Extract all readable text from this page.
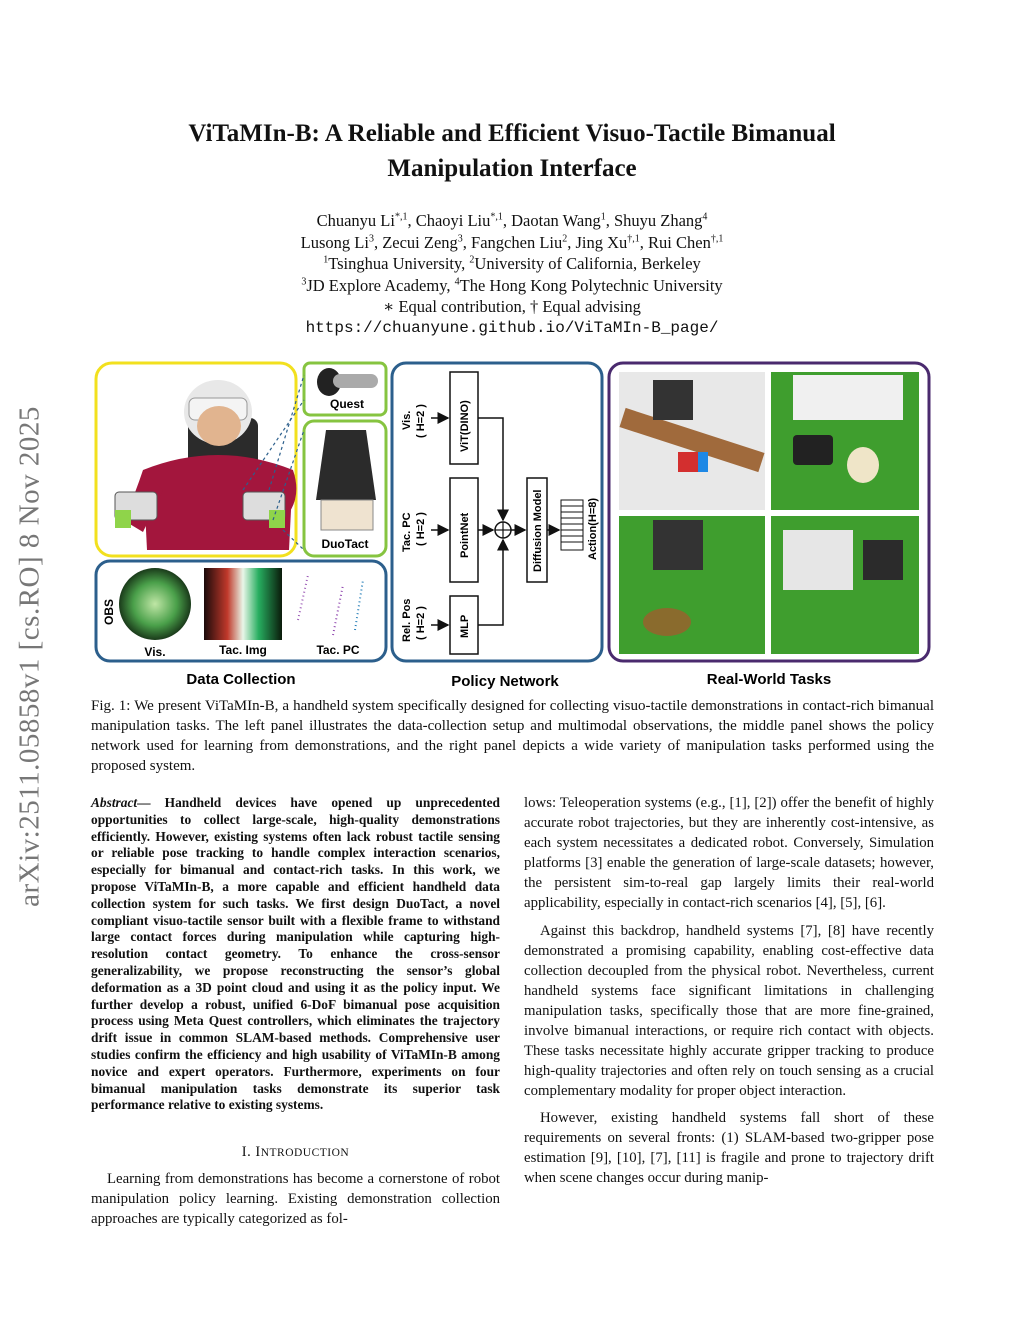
arXiv:2511.05858v1 [cs.RO] 8 Nov 2025
ViTaMIn-B: A Reliable and Efficient Visuo-Tactile Bimanual
Manipulation Interface
Chuanyu $Li^{*,1}$, Chaoyi Liu$^{*,1}$, Daotan Wang$^1$, Shuyu Zhang$^4$
Lusong Li$^3$, Zecui Zeng$^3$, Fangchen Liu$^2$, Jing $Xu^{\dagger,1}$, Rui Chen$^{\dagger,1}$
$^1$Tsinghua University, $^2$University of California, Berkeley
$^3$JD Explore Academy, $^4$The Hong Kong Polytechnic University
∗ Equal contribution, † Equal advising
https://chuanyune.github.io/ViTaMIn-B_page/
Quest
DuoTact
OBS
Vis.	Tac. Img	Tac. PC
Data Collection
Vis. ( H=2 )
Tac. PC ( H=2 )
Rel. Pos ( H=2 )
ViT(DINO)
PointNet
MLP
Diffusion Model	Action(H=8)
Policy Network	Real-World Tasks
Fig. 1: We present ViTaMIn-B, a handheld system specifically designed for collecting visuo-tactile demonstrations in contact-rich bimanual manipulation tasks. The left panel illustrates the data-collection setup and multimodal observations, the middle panel shows the policy network used for learning from demonstrations, and the right panel depicts a wide variety of manipulation tasks performed using the proposed system.
Abstract— Handheld devices have opened up unprecedented opportunities to collect large-scale, high-quality demonstrations efficiently. However, existing systems often lack robust tactile sensing or reliable pose tracking to handle complex interaction scenarios, especially for bimanual and contact-rich tasks. In this work, we propose ViTaMIn-B, a more capable and efficient handheld data collection system for such tasks. We first design DuoTact, a novel compliant visuo-tactile sensor built with a flexible frame to withstand large contact forces during manipulation while capturing high-resolution contact geometry. To enhance the cross-sensor generalizability, we propose reconstructing the sensor’s global deformation as a 3D point cloud and using it as the policy input. We further develop a robust, unified 6-DoF bimanual pose acquisition process using Meta Quest controllers, which eliminates the trajectory drift issue in common SLAM-based methods. Comprehensive user studies confirm the efficiency and high usability of ViTaMIn-B among novice and expert operators. Furthermore, experiments on four bimanual manipulation tasks demonstrate its superior task performance relative to existing systems.
I. INTRODUCTION

Learning from demonstrations has become a cornerstone of robot manipulation policy learning. Existing demonstration collection approaches are typically categorized as fol-

lows: Teleoperation systems (e.g., [1], [2]) offer the benefit of highly accurate robot trajectories, but they are inherently cost-intensive, as each system necessitates a dedicated robot. Conversely, Simulation platforms [3] enable the generation of large-scale datasets; however, the persistent sim-to-real gap largely limits their real-world applicability, especially in contact-rich scenarios [4], [5], [6].

Against this backdrop, handheld systems [7], [8] have recently demonstrated a promising capability, enabling cost-effective data collection decoupled from the physical robot. Nevertheless, current handheld systems face significant limitations in challenging manipulation tasks, specifically those that are more fine-grained, involve bimanual interactions, or require rich contact with objects. These tasks necessitate highly accurate gripper tracking to produce high-quality trajectories and often rely on touch sensing as a crucial complementary modality for proper object interaction.

However, existing handheld systems fall short of these requirements on several fronts: (1) SLAM-based two-gripper pose estimation [9], [10], [7], [11] is fragile and prone to trajectory drift when scene changes occur during manip-
